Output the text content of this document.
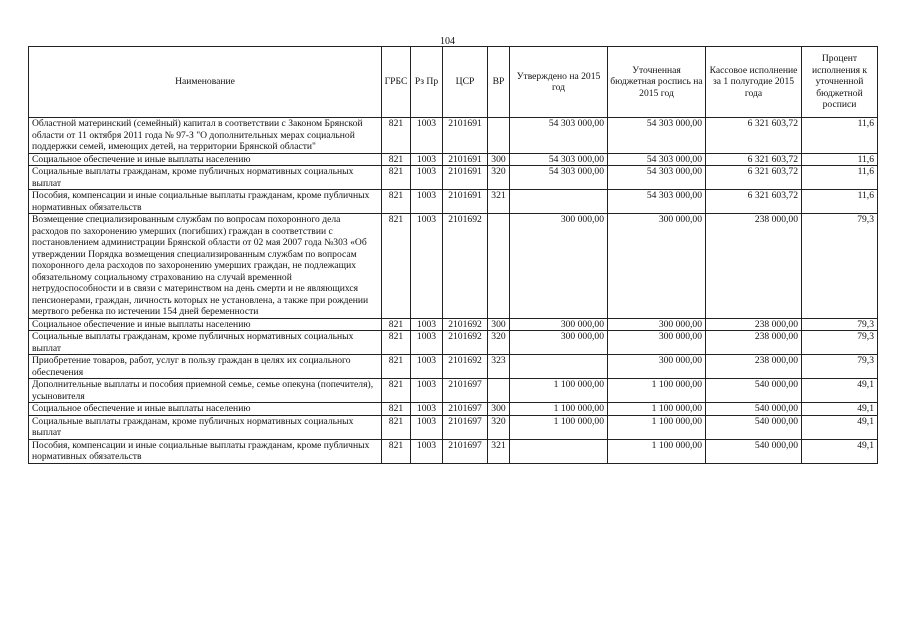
104
Наименование	ГРБС	Рз Пр	ЦСР	ВР	Утверждено на 2015 год	Уточненная бюджетная роспись на 2015 год	Кассовое исполнение за 1 полугодие 2015 года	Процент исполнения к уточненной бюджетной росписи
Областной материнский (семейный) капитал в соответствии с Законом Брянской области от 11 октября 2011 года № 97-З "О дополнительных мерах социальной поддержки семей, имеющих детей, на территории Брянской области"	821	1003	2101691		54 303 000,00	54 303 000,00	6 321 603,72	11,6
Социальное обеспечение и иные выплаты населению	821	1003	2101691	300	54 303 000,00	54 303 000,00	6 321 603,72	11,6
Социальные выплаты гражданам, кроме публичных нормативных социальных выплат	821	1003	2101691	320	54 303 000,00	54 303 000,00	6 321 603,72	11,6
Пособия, компенсации и иные социальные выплаты гражданам, кроме публичных нормативных обязательств	821	1003	2101691	321		54 303 000,00	6 321 603,72	11,6
Возмещение специализированным службам по вопросам похоронного дела расходов по захоронению умерших (погибших) граждан в соответствии с постановлением администрации Брянской области от 02 мая 2007 года №303 «Об утверждении Порядка возмещения специализированным службам по вопросам похоронного дела расходов по захоронению умерших граждан, не подлежащих обязательному социальному страхованию на случай временной нетрудоспособности и в связи с материнством на день смерти и не являющихся пенсионерами, граждан, личность которых не установлена, а также при рождении мертвого ребенка по истечении 154 дней беременности	821	1003	2101692		300 000,00	300 000,00	238 000,00	79,3
Социальное обеспечение и иные выплаты населению	821	1003	2101692	300	300 000,00	300 000,00	238 000,00	79,3
Социальные выплаты гражданам, кроме публичных нормативных социальных выплат	821	1003	2101692	320	300 000,00	300 000,00	238 000,00	79,3
Приобретение товаров, работ, услуг в пользу граждан в целях их социального обеспечения	821	1003	2101692	323		300 000,00	238 000,00	79,3
Дополнительные выплаты и пособия приемной семье, семье опекуна (попечителя), усыновителя	821	1003	2101697		1 100 000,00	1 100 000,00	540 000,00	49,1
Социальное обеспечение и иные выплаты населению	821	1003	2101697	300	1 100 000,00	1 100 000,00	540 000,00	49,1
Социальные выплаты гражданам, кроме публичных нормативных социальных выплат	821	1003	2101697	320	1 100 000,00	1 100 000,00	540 000,00	49,1
Пособия, компенсации и иные социальные выплаты гражданам, кроме публичных нормативных обязательств	821	1003	2101697	321		1 100 000,00	540 000,00	49,1
